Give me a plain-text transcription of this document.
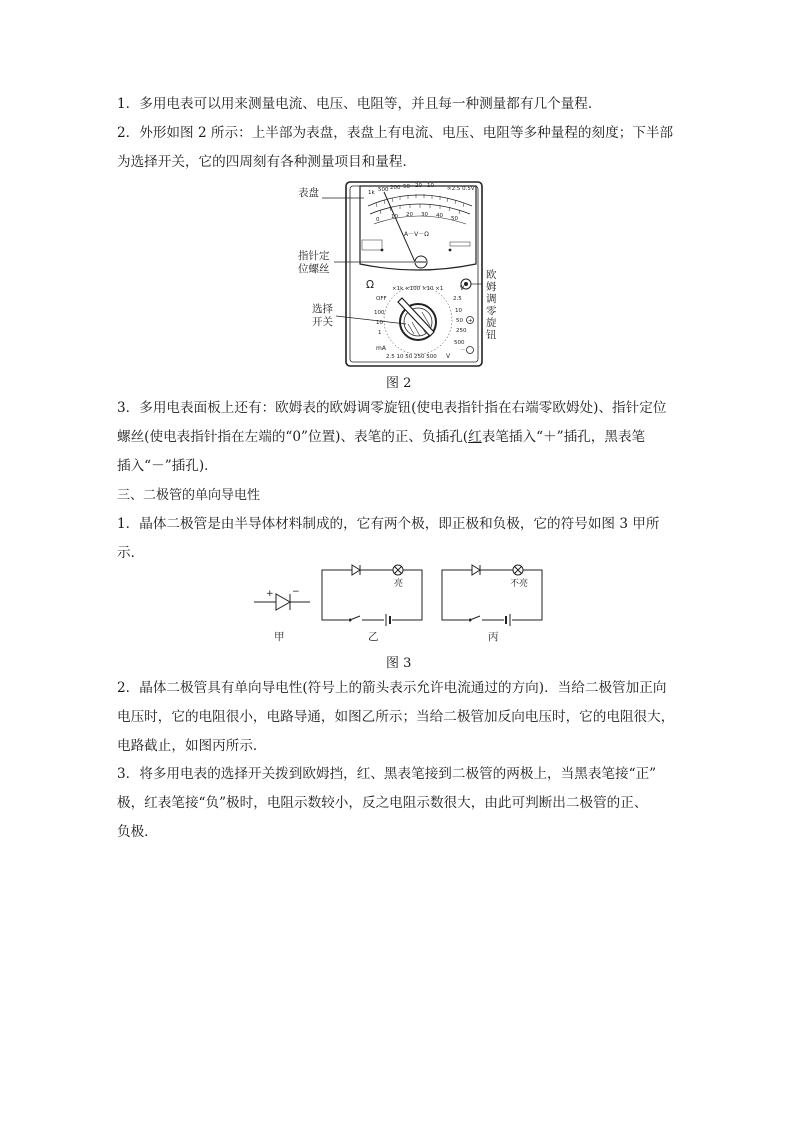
1．多用电表可以用来测量电流、电压、电阻等，并且每一种测量都有几个量程．
2．外形如图 2 所示：上半部为表盘，表盘上有电流、电压、电阻等多种量程的刻度；下半部
为选择开关，它的四周刻有各种测量项目和量程．
1k 500 200 50 20 10 ∞2.5 0.5V
0 10 20 30 40 50
A－V－Ω
Ω	×1k ×100 ×10 ×1
OFF
100
10
1
mA
2.5
10
50
250
500
V
2.5 10 50 250 500 V
+
－
表盘
指针定
位螺丝
选择
开关
欧
姆
调
零
旋
钮
图 2
3．多用电表面板上还有：欧姆表的欧姆调零旋钮(使电表指针指在右端零欧姆处)、指针定位
螺丝(使电表指针指在左端的“0”位置)、表笔的正、负插孔(红表笔插入“＋”插孔，黑表笔
插入“－”插孔)．
三、二极管的单向导电性
1．晶体二极管是由半导体材料制成的，它有两个极，即正极和负极，它的符号如图 3 甲所
示．
+ −
甲
亮
乙
不亮
丙
图 3
2．晶体二极管具有单向导电性(符号上的箭头表示允许电流通过的方向)．当给二极管加正向
电压时，它的电阻很小，电路导通，如图乙所示；当给二极管加反向电压时，它的电阻很大，
电路截止，如图丙所示．
3．将多用电表的选择开关拨到欧姆挡，红、黑表笔接到二极管的两极上，当黑表笔接“正”
极，红表笔接“负”极时，电阻示数较小，反之电阻示数很大，由此可判断出二极管的正、
负极．
